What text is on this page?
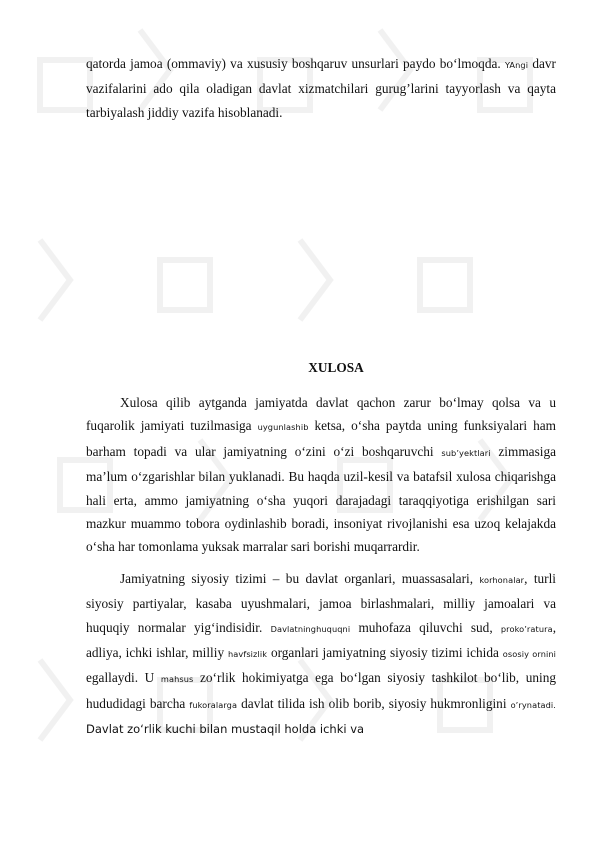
qatorda jamoa (ommaviy) va xususiy boshqaruv unsurlari paydo bo‘lmoqda. YAngi davr vazifalarini ado qila oladigan davlat xizmatchilari gurug’larini tayyorlash va qayta tarbiyalash jiddiy vazifa hisoblanadi.

XULOSA

Xulosa qilib aytganda jamiyatda davlat qachon zarur bo‘lmay qolsa va u fuqarolik jamiyati tuzilmasiga uygunlashib ketsa, o‘sha paytda uning funksiyalari ham barham topadi va ular jamiyatning o‘zini o‘zi boshqaruvchi sub’yektlari zimmasiga ma’lum o‘zgarishlar bilan yuklanadi. Bu haqda uzil-kesil va batafsil xulosa chiqarishga hali erta, ammo jamiyatning o‘sha yuqori darajadagi taraqqiyotiga erishilgan sari mazkur muammo tobora oydinlashib boradi, insoniyat rivojlanishi esa uzoq kelajakda o‘sha har tomonlama yuksak marralar sari borishi muqarrardir.

Jamiyatning siyosiy tizimi – bu davlat organlari, muassasalari, korhonalar, turli siyosiy partiyalar, kasaba uyushmalari, jamoa birlashmalari, milliy jamoalari va huquqiy normalar yig‘indisidir. Davlatninghuquqni muhofaza qiluvchi sud, proko’ratura, adliya, ichki ishlar, milliy havfsizlik organlari jamiyatning siyosiy tizimi ichida ososiy ornini egallaydi. U mahsus zo‘rlik hokimiyatga ega bo‘lgan siyosiy tashkilot bo‘lib, uning hududidagi barcha fukoralarga davlat tilida ish olib borib, siyosiy hukmronligini o’rynatadi. Davlat zo‘rlik kuchi bilan mustaqil holda ichki va
